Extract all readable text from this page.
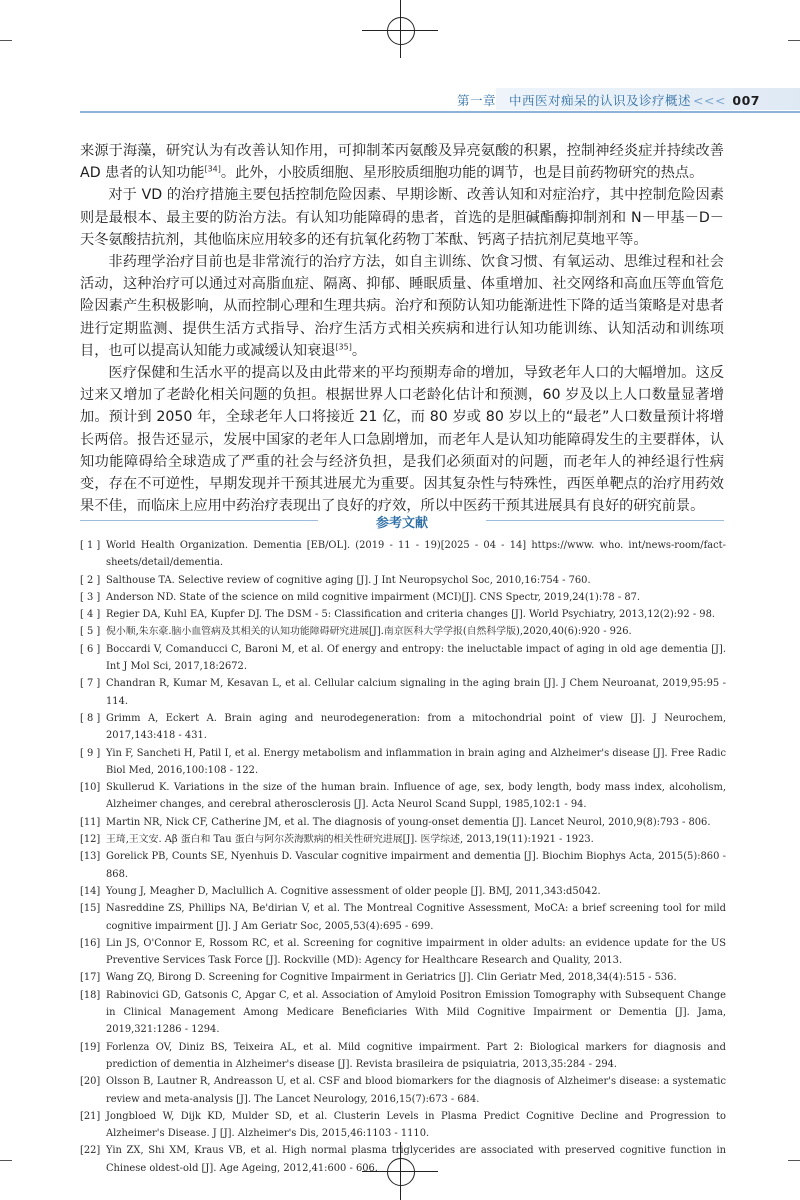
第一章　中西医对痴呆的认识及诊疗概述 <<< 007

来源于海藻，研究认为有改善认知作用，可抑制苯丙氨酸及异亮氨酸的积累，控制神经炎症并持续改善 AD 患者的认知功能[34]。此外，小胶质细胞、星形胶质细胞功能的调节，也是目前药物研究的热点。

对于 VD 的治疗措施主要包括控制危险因素、早期诊断、改善认知和对症治疗，其中控制危险因素则是最根本、最主要的防治方法。有认知功能障碍的患者，首选的是胆碱酯酶抑制剂和 N－甲基－D－天冬氨酸拮抗剂，其他临床应用较多的还有抗氧化药物丁苯酞、钙离子拮抗剂尼莫地平等。

非药理学治疗目前也是非常流行的治疗方法，如自主训练、饮食习惯、有氧运动、思维过程和社会活动，这种治疗可以通过对高脂血症、隔离、抑郁、睡眠质量、体重增加、社交网络和高血压等血管危险因素产生积极影响，从而控制心理和生理共病。治疗和预防认知功能渐进性下降的适当策略是对患者进行定期监测、提供生活方式指导、治疗生活方式相关疾病和进行认知功能训练、认知活动和训练项目，也可以提高认知能力或减缓认知衰退[35]。

医疗保健和生活水平的提高以及由此带来的平均预期寿命的增加，导致老年人口的大幅增加。这反过来又增加了老龄化相关问题的负担。根据世界人口老龄化估计和预测，60 岁及以上人口数量显著增加。预计到 2050 年，全球老年人口将接近 21 亿，而 80 岁或 80 岁以上的“最老”人口数量预计将增长两倍。报告还显示，发展中国家的老年人口急剧增加，而老年人是认知功能障碍发生的主要群体，认知功能障碍给全球造成了严重的社会与经济负担，是我们必须面对的问题，而老年人的神经退行性病变，存在不可逆性，早期发现并干预其进展尤为重要。因其复杂性与特殊性，西医单靶点的治疗用药效果不佳，而临床上应用中药治疗表现出了良好的疗效，所以中医药干预其进展具有良好的研究前景。

参考文献
[ 1 ] World Health Organization. Dementia [EB/OL]. (2019 - 11 - 19)[2025 - 04 - 14] https://www. who. int/news-room/fact-sheets/detail/dementia.
[ 2 ] Salthouse TA. Selective review of cognitive aging [J]. J Int Neuropsychol Soc, 2010,16:754 - 760.
[ 3 ] Anderson ND. State of the science on mild cognitive impairment (MCI)[J]. CNS Spectr, 2019,24(1):78 - 87.
[ 4 ] Regier DA, Kuhl EA, Kupfer DJ. The DSM - 5: Classification and criteria changes [J]. World Psychiatry, 2013,12(2):92 - 98.
[ 5 ] 倪小顺,朱东豪.脑小血管病及其相关的认知功能障碍研究进展[J].南京医科大学学报(自然科学版),2020,40(6):920 - 926.
[ 6 ] Boccardi V, Comanducci C, Baroni M, et al. Of energy and entropy: the ineluctable impact of aging in old age dementia [J]. Int J Mol Sci, 2017,18:2672.
[ 7 ] Chandran R, Kumar M, Kesavan L, et al. Cellular calcium signaling in the aging brain [J]. J Chem Neuroanat, 2019,95:95 - 114.
[ 8 ] Grimm A, Eckert A. Brain aging and neurodegeneration: from a mitochondrial point of view [J]. J Neurochem, 2017,143:418 - 431.
[ 9 ] Yin F, Sancheti H, Patil I, et al. Energy metabolism and inflammation in brain aging and Alzheimer's disease [J]. Free Radic Biol Med, 2016,100:108 - 122.
[10] Skullerud K. Variations in the size of the human brain. Influence of age, sex, body length, body mass index, alcoholism, Alzheimer changes, and cerebral atherosclerosis [J]. Acta Neurol Scand Suppl, 1985,102:1 - 94.
[11] Martin NR, Nick CF, Catherine JM, et al. The diagnosis of young-onset dementia [J]. Lancet Neurol, 2010,9(8):793 - 806.
[12] 王琦,王文安. Aβ 蛋白和 Tau 蛋白与阿尔茨海默病的相关性研究进展[J]. 医学综述, 2013,19(11):1921 - 1923.
[13] Gorelick PB, Counts SE, Nyenhuis D. Vascular cognitive impairment and dementia [J]. Biochim Biophys Acta, 2015(5):860 - 868.
[14] Young J, Meagher D, Maclullich A. Cognitive assessment of older people [J]. BMJ, 2011,343:d5042.
[15] Nasreddine ZS, Phillips NA, Be'dirian V, et al. The Montreal Cognitive Assessment, MoCA: a brief screening tool for mild cognitive impairment [J]. J Am Geriatr Soc, 2005,53(4):695 - 699.
[16] Lin JS, O'Connor E, Rossom RC, et al. Screening for cognitive impairment in older adults: an evidence update for the US Preventive Services Task Force [J]. Rockville (MD): Agency for Healthcare Research and Quality, 2013.
[17] Wang ZQ, Birong D. Screening for Cognitive Impairment in Geriatrics [J]. Clin Geriatr Med, 2018,34(4):515 - 536.
[18] Rabinovici GD, Gatsonis C, Apgar C, et al. Association of Amyloid Positron Emission Tomography with Subsequent Change in Clinical Management Among Medicare Beneficiaries With Mild Cognitive Impairment or Dementia [J]. Jama, 2019,321:1286 - 1294.
[19] Forlenza OV, Diniz BS, Teixeira AL, et al. Mild cognitive impairment. Part 2: Biological markers for diagnosis and prediction of dementia in Alzheimer's disease [J]. Revista brasileira de psiquiatria, 2013,35:284 - 294.
[20] Olsson B, Lautner R, Andreasson U, et al. CSF and blood biomarkers for the diagnosis of Alzheimer's disease: a systematic review and meta-analysis [J]. The Lancet Neurology, 2016,15(7):673 - 684.
[21] Jongbloed W, Dijk KD, Mulder SD, et al. Clusterin Levels in Plasma Predict Cognitive Decline and Progression to Alzheimer's Disease. J [J]. Alzheimer's Dis, 2015,46:1103 - 1110.
[22] Yin ZX, Shi XM, Kraus VB, et al. High normal plasma triglycerides are associated with preserved cognitive function in Chinese oldest-old [J]. Age Ageing, 2012,41:600 - 606.
